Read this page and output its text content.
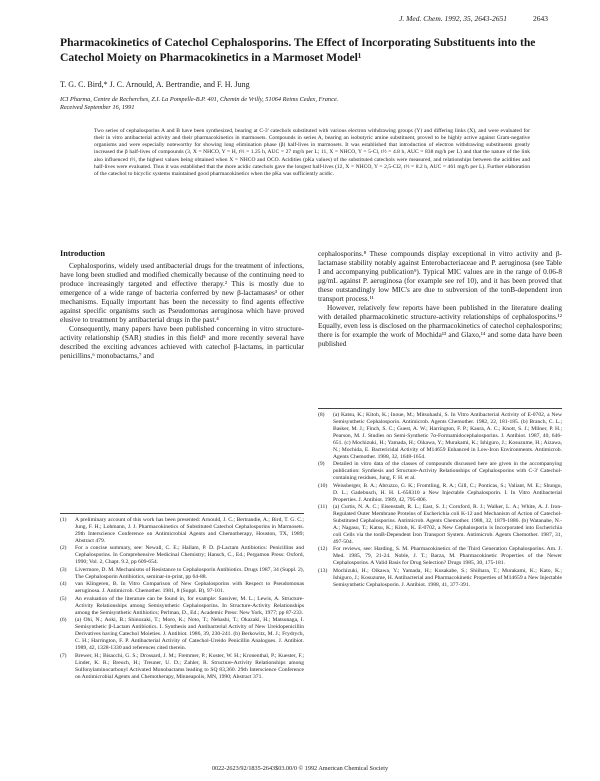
J. Med. Chem. 1992, 35, 2643-2651	2643
Pharmacokinetics of Catechol Cephalosporins. The Effect of Incorporating Substituents into the Catechol Moiety on Pharmacokinetics in a Marmoset Model¹
T. G. C. Bird,* J. C. Arnould, A. Bertrandie, and F. H. Jung
ICI Pharma, Centre de Recherches, Z.I. La Pompelle-B.P. 401, Chemin de Vrilly, 51064 Reims Cedex, France.
Received September 16, 1991
Two series of cephalosporins A and B have been synthesized, bearing at C-3' catechols substituted with various electron withdrawing groups (Y) and differing links (X), and were evaluated for their in vitro antibacterial activity and their pharmacokinetics in marmosets. Compounds in series A, bearing an isobutyric amine substituent, proved to be highly active against Gram-negative organisms and were especially noteworthy for showing long elimination phase (β) half-lives in marmosets. It was established that introduction of electron withdrawing substituents greatly increased the β half-lives of compounds (3, X = NHCO, Y = H, t½ = 1.25 h, AUC = 27 mg/h per L; 11, X = NHCO, Y = 5-Cl, t½ = 4.8 h, AUC = 838 mg/h per L) and that the nature of the link also influenced t½, the highest values being obtained when X = NHCO and OCO. Acidities (pKa values) of the substituted catechols were measured, and relationships between the acidities and half-lives were evaluated. Thus it was established that the more acidic catechols gave the longest half-lives (12, X = NHCO, Y = 2,5-Cl2, t½ = 8.2 h, AUC = 461 mg/h per L). Further elaboration of the catechol to bicyclic systems maintained good pharmacokinetics when the pKa was sufficiently acidic.
Introduction

Cephalosporins, widely used antibacterial drugs for the treatment of infections, have long been studied and modified chemically because of the continuing need to produce increasingly targeted and effective therapy.² This is mostly due to emergence of a wide range of bacteria conferred by new β-lactamases³ or other mechanisms. Equally important has been the necessity to find agents effective against specific organisms such as Pseudomonas aeruginosa which have proved elusive to treatment by antibacterial drugs in the past.⁴

Consequently, many papers have been published concerning in vitro structure-activity relationship (SAR) studies in this field⁵ and more recently several have described the exciting advances achieved with catechol β-lactams, in particular penicillins,⁶ monobactams,⁷ and

cephalosporins.⁸ These compounds display exceptional in vitro activity and β-lactamase stability notably against Enterobacteriaceae and P. aeruginosa (see Table I and accompanying publication⁹). Typical MIC values are in the range of 0.06-8 μg/mL against P. aeruginosa (for example see ref 10), and it has been proved that these outstandingly low MIC's are due to subversion of the tonB-dependent iron transport process.¹¹

However, relatively few reports have been published in the literature dealing with detailed pharmacokinetic structure-activity relationships of cephalosporins.¹² Equally, even less is disclosed on the pharmacokinetics of catechol cephalosporins; there is for example the work of Mochida¹³ and Glaxo,¹⁴ and some data have been published

(1)	A preliminary account of this work has been presented: Arnould, J. C.; Bertrandie, A.; Bird, T. G. C.; Jung, F. H.; Lohmann, J. J. Pharmacokinetics of Substituted Catechol Cephalosporins in Marmosets. 29th Interscience Conference on Antimicrobial Agents and Chemotherapy, Houston, TX, 1989; Abstract 479.
(2)	For a concise summary, see: Newall, C. E.; Hallam, P. D. β-Lactam Antibiotics: Penicillins and Cephalosporins. In Comprehensive Medicinal Chemistry; Hansch, C., Ed.; Pergamon Press: Oxford, 1990; Vol. 2, Chapt. 9.2, pp 609-654.
(3)	Livermore, D. M. Mechanisms of Resistance to Cephalosporin Antibiotics. Drugs 1987, 34 (Suppl. 2), The Cephalosporin Antibiotics, seminar-in-print, pp 64-88.
(4)	van Klingeren, B. In Vitro Comparison of New Cephalosporins with Respect to Pseudomonas aeruginosa. J. Antimicrob. Chemother. 1981, 8 (Suppl. B), 97-101.
(5)	An evaluation of the literature can be found in, for example: Sassiver, M. L.; Lewis, A. Structure-Activity Relationships among Semisynthetic Cephalosporins. In Structure-Activity Relationships among the Semisynthetic Antibiotics; Perlman, D., Ed.; Academic Press: New York, 1977; pp 87-233.
(6)	(a) Ohi, N.; Aoki, B.; Shinozaki, T.; Moro, K.; Noto, T.; Nehashi, T.; Okazaki, H.; Matsunaga, I. Semisynthetic β-Lactam Antibiotics. I. Synthesis and Antibacterial Activity of New Ureidopenicillin Derivatives having Catechol Moieties. J. Antibiot. 1986, 39, 230-241. (b) Berkowitz, M. J.; Frydrych, C. H.; Harrington, F. P. Antibacterial Activity of Catechol-Ureido Penicillin Analogues. J. Antibiot. 1989, 42, 1328-1330 and references cited therein.
(7)	Brewer, H.; Bisacchi, G. S.; Drossard, J. M.; Fremmer, P.; Koster, W. H.; Kronenthal, P.; Kuester, F.; Linder, K. R.; Breuch, H.; Treuner, U. D.; Zahler, R. Structure-Activity Relationships among Sulfonylaminocarbonyl Activated Monobactams leading to SQ 83,360. 29th Interscience Conference on Antimicrobial Agents and Chemotherapy, Minneapolis, MN, 1990; Abstract 371.
(8)	(a) Katsu, K.; Kitoh, K.; Inoue, M.; Mitsuhashi, S. In Vitro Antibacterial Activity of E-0702, a New Semisynthetic Cephalosporin. Antimicrob. Agents Chemother. 1982, 22, 181-185. (b) Branch, C. L.; Basker, M. J.; Finch, S. C.; Guest, A. W.; Harrington, F. P.; Kaura, A. C.; Knott, S. J.; Milner, P. H.; Pearson, M. J. Studies on Semi-Synthetic 7α-Formamidocephalosporins. J. Antibiot. 1987, 40, 646-651. (c) Mochizuki, H.; Yamada, H.; Oikawa, Y.; Murakami, K.; Ishiguro, J.; Kosuzume, H.; Aizawa, N.; Mochida, E. Bactericidal Activity of M14659 Enhanced in Low-Iron Environments. Antimicrob. Agents Chemother. 1988, 32, 1648-1654.
(9)	Detailed in vitro data of the classes of compounds discussed here are given in the accompanying publication: Synthesis and Structure-Activity Relationships of Cephalosporins with C-3' Catechol-containing residues, Jung, F. H. et al.
(10)	Weissberger, B. A.; Abruzzo, G. K.; Fromtling, R. A.; Gill, C.; Ponticas, S.; Valiant, M. E.; Shungu, D. L.; Gadebusch, H. H. L-658310 a New Injectable Cephalosporin. I. In Vitro Antibacterial Properties. J. Antibiot. 1989, 42, 795-806.
(11)	(a) Curtis, N. A. C.; Eisenstadt, R. L.; East, S. J.; Cornford, R. J.; Walker, L. A.; White, A. J. Iron-Regulated Outer Membrane Proteins of Escherichia coli K-12 and Mechanism of Action of Catechol-Substituted Cephalosporins. Antimicrob. Agents Chemother. 1988, 32, 1879-1886. (b) Watanabe, N.-A.; Nagasu, T.; Katsu, K.; Kitoh, K. E-0702, a New Cephalosporin is Incorporated into Escherichia coli Cells via the tonB-Dependent Iron Transport System. Antimicrob. Agents Chemother. 1987, 31, 497-504.
(12)	For reviews, see: Harding, S. M. Pharmacokinetics of the Third Generation Cephalosporins. Am. J. Med. 1985, 79, 21-24. Noble, J. T.; Barza, M. Pharmacokinetic Properties of the Newer Cephalosporins. A Valid Basis for Drug Selection? Drugs 1985, 30, 175-181.
(13)	Mochizuki, H.; Oikawa, Y.; Yamada, H.; Kusakabe, S.; Shiihara, T.; Murakami, K.; Kato, K.; Ishiguro, J.; Kosuzume, H. Antibacterial and Pharmacokinetic Properties of M14659 a New Injectable Semisynthetic Cephalosporin. J. Antibiot. 1988, 41, 377-391.
0022-2623/92/1835-2643$03.00/0 © 1992 American Chemical Society
